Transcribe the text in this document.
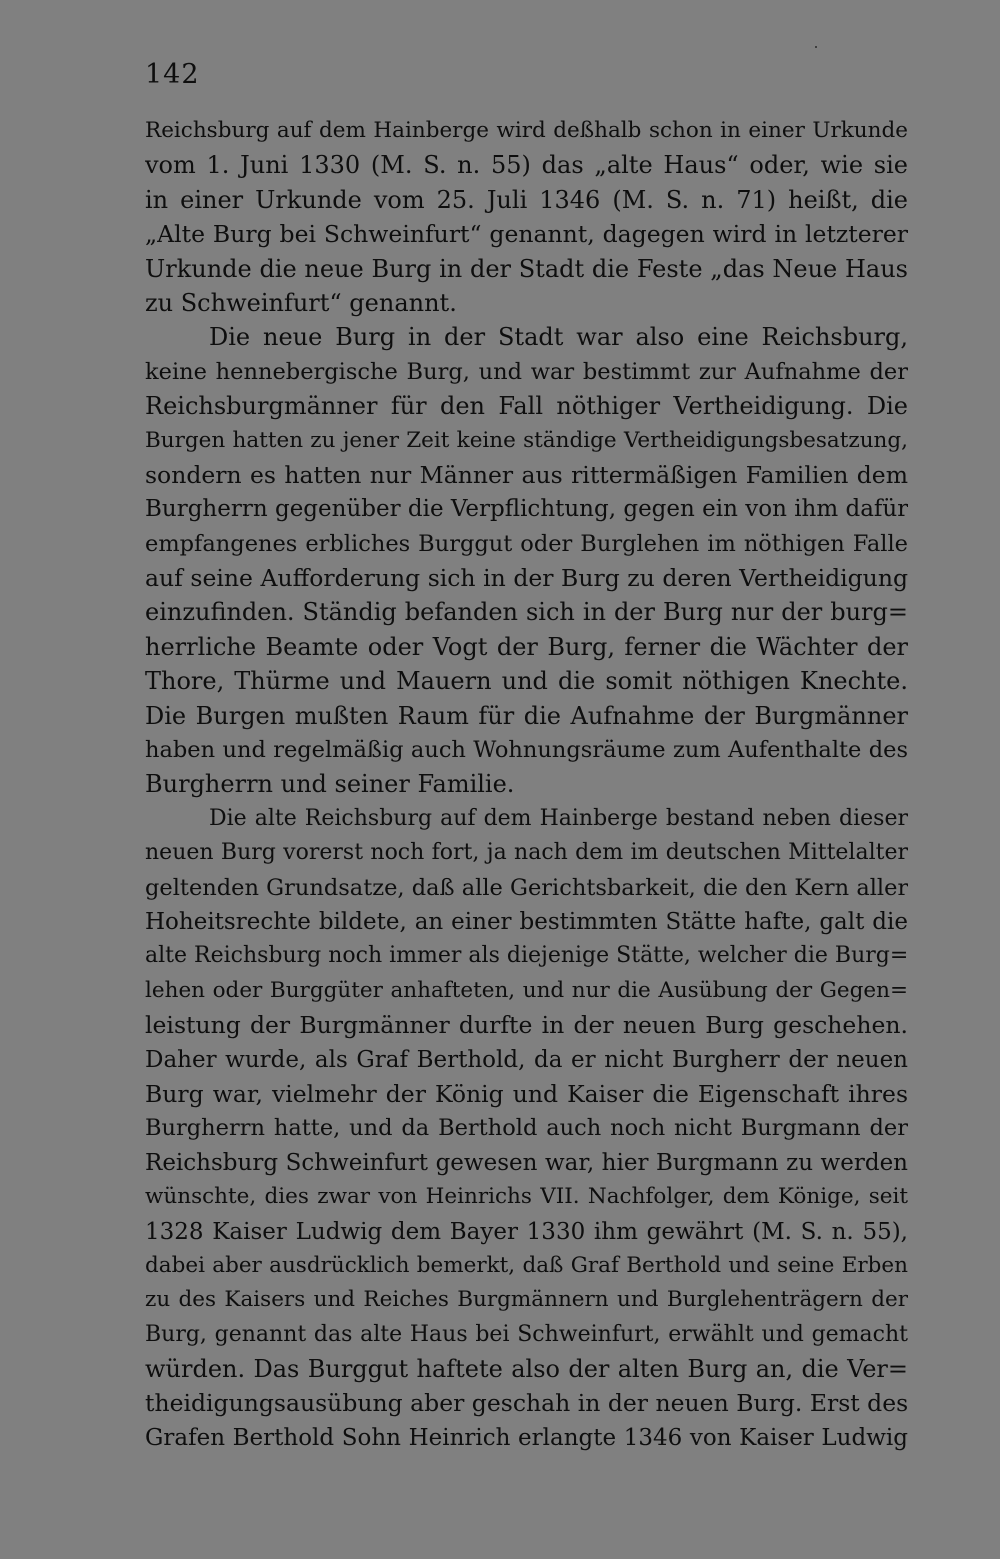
142
Reichsburg auf dem Hainberge wird deßhalb schon in einer Urkunde
vom 1. Juni 1330 (M. S. n. 55) das „alte Haus“ oder, wie sie
in einer Urkunde vom 25. Juli 1346 (M. S. n. 71) heißt, die
„Alte Burg bei Schweinfurt“ genannt, dagegen wird in letzterer
Urkunde die neue Burg in der Stadt die Feste „das Neue Haus
zu Schweinfurt“ genannt.
Die neue Burg in der Stadt war also eine Reichsburg,
keine hennebergische Burg, und war bestimmt zur Aufnahme der
Reichsburgmänner für den Fall nöthiger Vertheidigung. Die
Burgen hatten zu jener Zeit keine ständige Vertheidigungsbesatzung,
sondern es hatten nur Männer aus rittermäßigen Familien dem
Burgherrn gegenüber die Verpflichtung, gegen ein von ihm dafür
empfangenes erbliches Burggut oder Burglehen im nöthigen Falle
auf seine Aufforderung sich in der Burg zu deren Vertheidigung
einzufinden. Ständig befanden sich in der Burg nur der burg=
herrliche Beamte oder Vogt der Burg, ferner die Wächter der
Thore, Thürme und Mauern und die somit nöthigen Knechte.
Die Burgen mußten Raum für die Aufnahme der Burgmänner
haben und regelmäßig auch Wohnungsräume zum Aufenthalte des
Burgherrn und seiner Familie.
Die alte Reichsburg auf dem Hainberge bestand neben dieser
neuen Burg vorerst noch fort, ja nach dem im deutschen Mittelalter
geltenden Grundsatze, daß alle Gerichtsbarkeit, die den Kern aller
Hoheitsrechte bildete, an einer bestimmten Stätte hafte, galt die
alte Reichsburg noch immer als diejenige Stätte, welcher die Burg=
lehen oder Burggüter anhafteten, und nur die Ausübung der Gegen=
leistung der Burgmänner durfte in der neuen Burg geschehen.
Daher wurde, als Graf Berthold, da er nicht Burgherr der neuen
Burg war, vielmehr der König und Kaiser die Eigenschaft ihres
Burgherrn hatte, und da Berthold auch noch nicht Burgmann der
Reichsburg Schweinfurt gewesen war, hier Burgmann zu werden
wünschte, dies zwar von Heinrichs VII. Nachfolger, dem Könige, seit
1328 Kaiser Ludwig dem Bayer 1330 ihm gewährt (M. S. n. 55),
dabei aber ausdrücklich bemerkt, daß Graf Berthold und seine Erben
zu des Kaisers und Reiches Burgmännern und Burglehenträgern der
Burg, genannt das alte Haus bei Schweinfurt, erwählt und gemacht
würden. Das Burggut haftete also der alten Burg an, die Ver=
theidigungsausübung aber geschah in der neuen Burg. Erst des
Grafen Berthold Sohn Heinrich erlangte 1346 von Kaiser Ludwig
